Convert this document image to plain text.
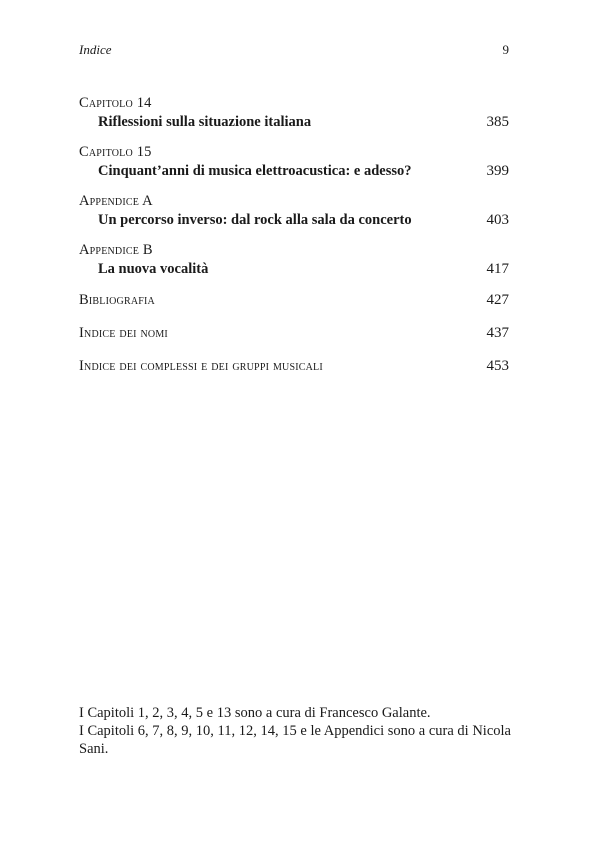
Indice	9
Capitolo 14
Riflessioni sulla situazione italiana	385
Capitolo 15
Cinquant’anni di musica elettroacustica: e adesso?	399
Appendice A
Un percorso inverso: dal rock alla sala da concerto	403
Appendice B
La nuova vocalità	417
Bibliografia	427
Indice dei nomi	437
Indice dei complessi e dei gruppi musicali	453

I Capitoli 1, 2, 3, 4, 5 e 13 sono a cura di Francesco Galante.

I Capitoli 6, 7, 8, 9, 10, 11, 12, 14, 15 e le Appendici sono a cura di Nicola Sani.
